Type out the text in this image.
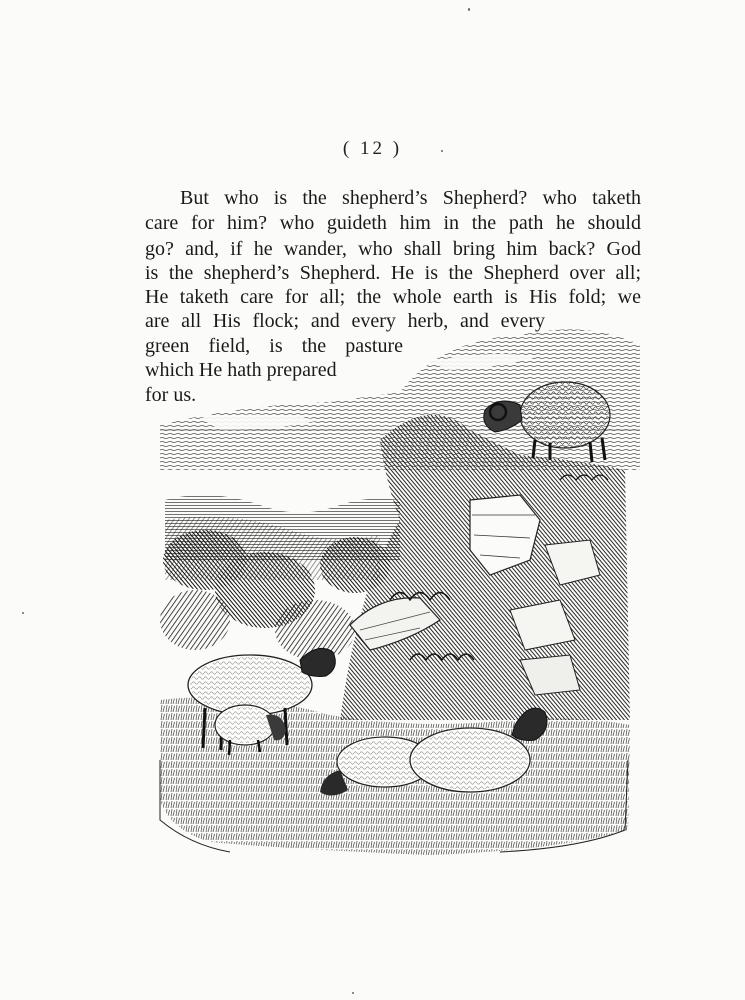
( 12 )
But who is the shepherd’s Shepherd? who taketh
care for him? who guideth him in the path he should
go? and, if he wander, who shall bring him back? God
is the shepherd’s Shepherd. He is the Shepherd over all;
He taketh care for all; the whole earth is His fold; we
are all His flock; and every herb, and every
green field, is the pasture
which He hath prepared
for us.
